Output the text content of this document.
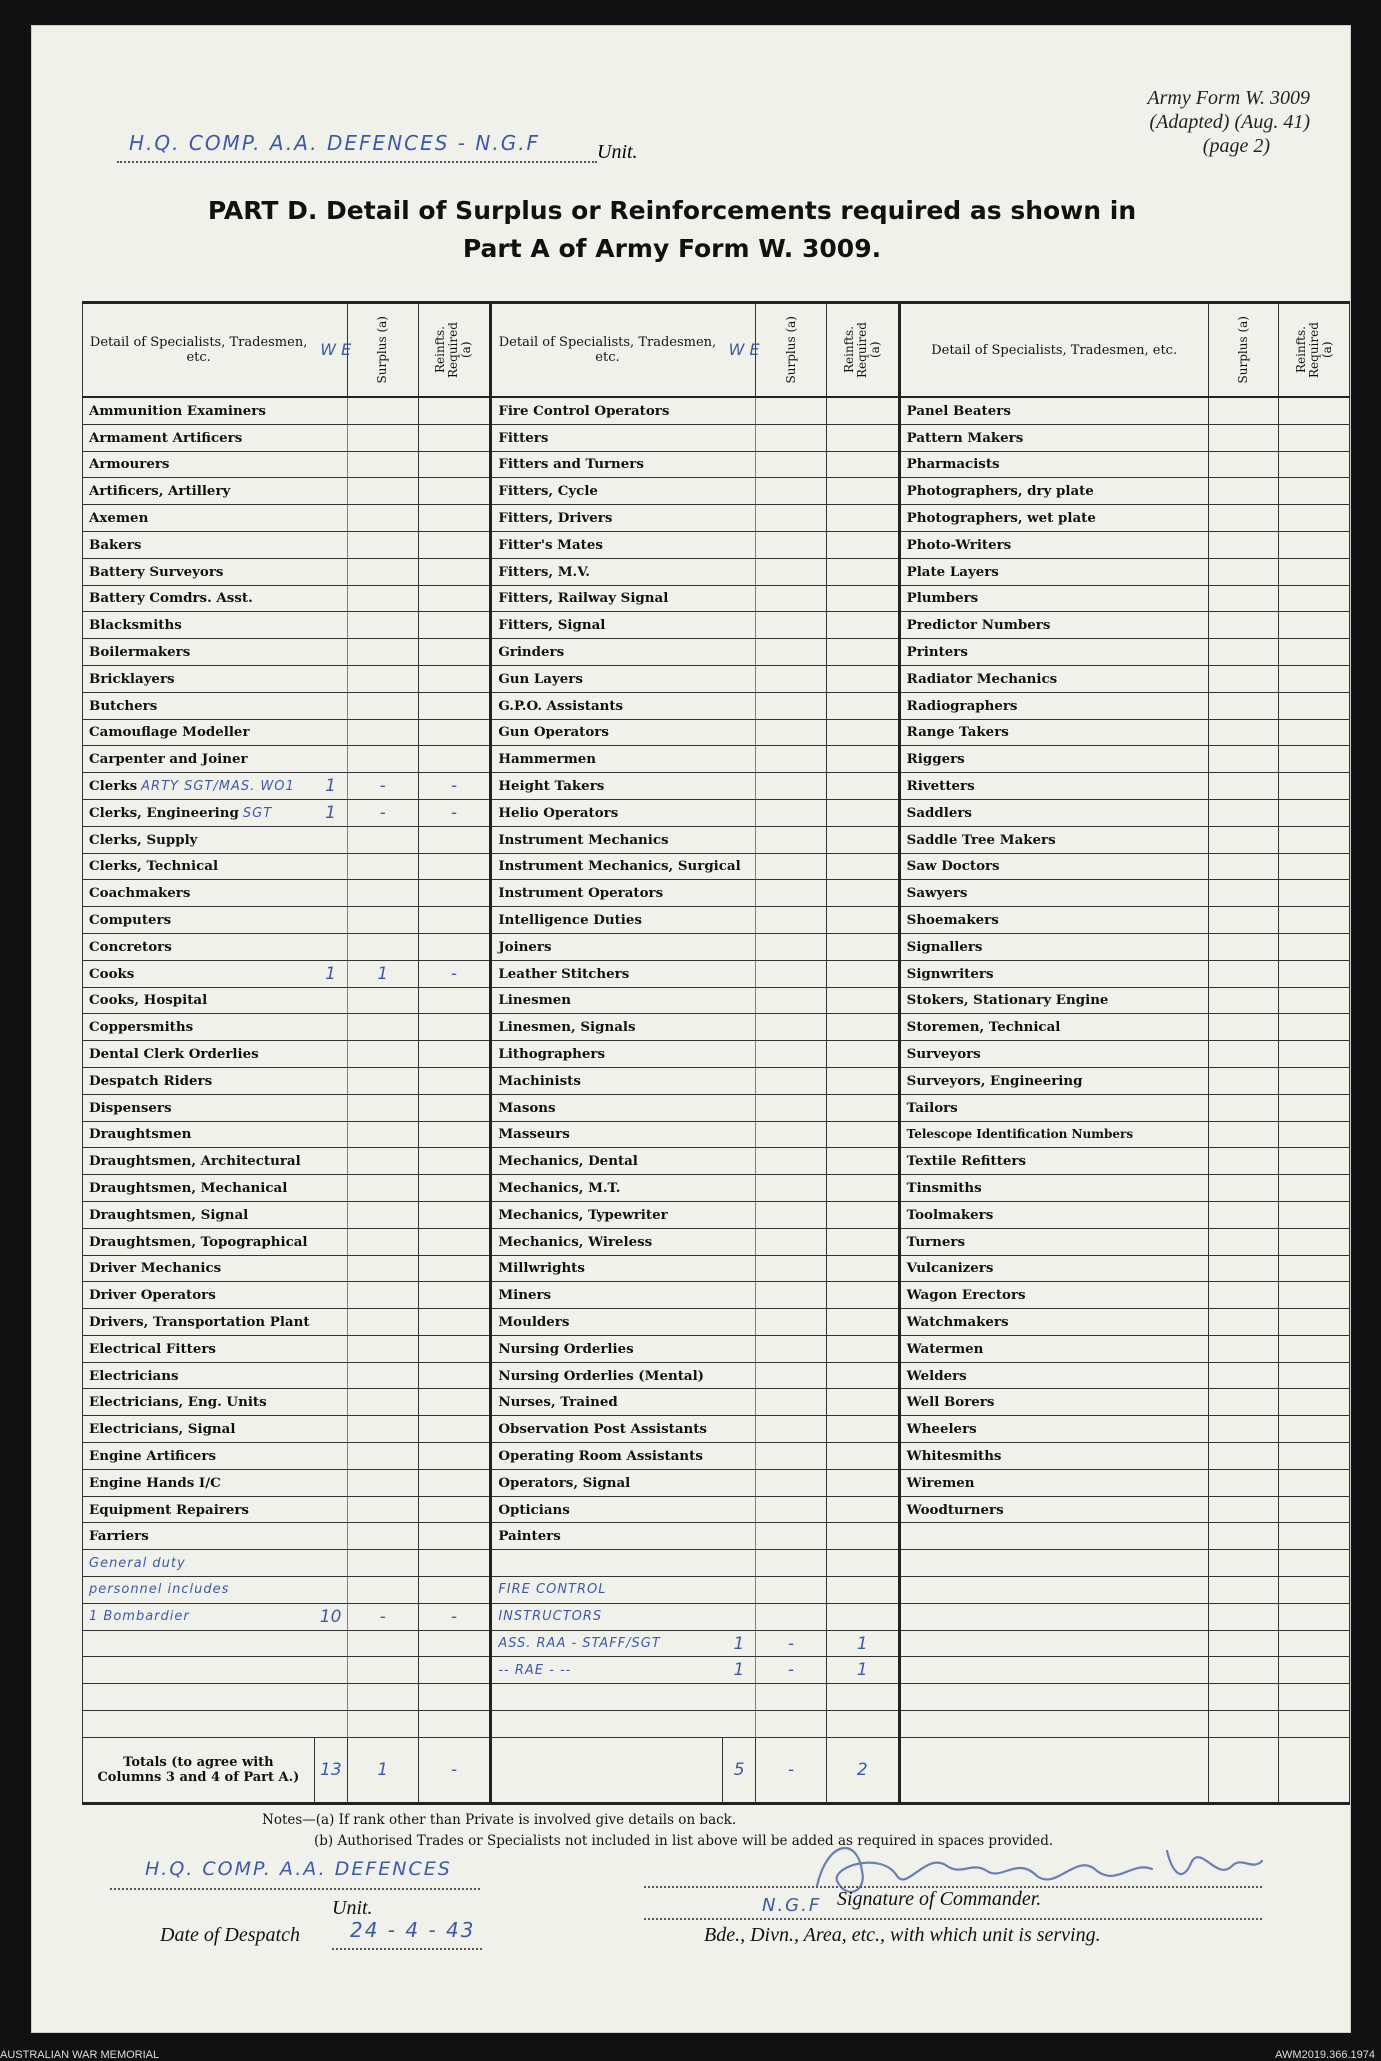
Army Form W. 3009
(Adapted) (Aug. 41)
(page 2)
H.Q. COMP. A.A. DEFENCES - N.G.F	Unit.
PART D. Detail of Surplus or Reinforcements required as shown in
Part A of Army Form W. 3009.
Detail of Specialists, Tradesmen, etc.	W E	Surplus (a)	Reinfts. Required (a)	Detail of Specialists, Tradesmen, etc.	W E	Surplus (a)	Reinfts. Required (a)	Detail of Specialists, Tradesmen, etc.	Surplus (a)	Reinfts. Required (a)

Ammunition Examiners				Fire Control Operators				Panel Beaters		
Armament Artificers				Fitters				Pattern Makers		
Armourers				Fitters and Turners				Pharmacists		
Artificers, Artillery				Fitters, Cycle				Photographers, dry plate		
Axemen				Fitters, Drivers				Photographers, wet plate		
Bakers				Fitter's Mates				Photo-Writers		
Battery Surveyors				Fitters, M.V.				Plate Layers		
Battery Comdrs. Asst.				Fitters, Railway Signal				Plumbers		
Blacksmiths				Fitters, Signal				Predictor Numbers		
Boilermakers				Grinders				Printers		
Bricklayers				Gun Layers				Radiator Mechanics		
Butchers				G.P.O. Assistants				Radiographers		
Camouflage Modeller				Gun Operators				Range Takers		
Carpenter and Joiner				Hammermen				Riggers		
Clerks ARTY SGT/MAS. WO1	1	-	-	Height Takers				Rivetters		
Clerks, Engineering SGT	1	-	-	Helio Operators				Saddlers		
Clerks, Supply				Instrument Mechanics				Saddle Tree Makers		
Clerks, Technical				Instrument Mechanics, Surgical				Saw Doctors		
Coachmakers				Instrument Operators				Sawyers		
Computers				Intelligence Duties				Shoemakers		
Concretors				Joiners				Signallers		
Cooks	1	1	-	Leather Stitchers				Signwriters		
Cooks, Hospital				Linesmen				Stokers, Stationary Engine		
Coppersmiths				Linesmen, Signals				Storemen, Technical		
Dental Clerk Orderlies				Lithographers				Surveyors		
Despatch Riders				Machinists				Surveyors, Engineering		
Dispensers				Masons				Tailors		
Draughtsmen				Masseurs				Telescope Identification Numbers		
Draughtsmen, Architectural				Mechanics, Dental				Textile Refitters		
Draughtsmen, Mechanical				Mechanics, M.T.				Tinsmiths		
Draughtsmen, Signal				Mechanics, Typewriter				Toolmakers		
Draughtsmen, Topographical				Mechanics, Wireless				Turners		
Driver Mechanics				Millwrights				Vulcanizers		
Driver Operators				Miners				Wagon Erectors		
Drivers, Transportation Plant				Moulders				Watchmakers		
Electrical Fitters				Nursing Orderlies				Watermen		
Electricians				Nursing Orderlies (Mental)				Welders		
Electricians, Eng. Units				Nurses, Trained				Well Borers		
Electricians, Signal				Observation Post Assistants				Wheelers		
Engine Artificers				Operating Room Assistants				Whitesmiths		
Engine Hands I/C				Operators, Signal				Wiremen		
Equipment Repairers				Opticians				Woodturners		
Farriers				Painters						
General duty										
personnel includes				FIRE CONTROL						
1 Bombardier	10	-	-	INSTRUCTORS						
				ASS. RAA - STAFF/SGT	1	-	1			
				-- RAE - --	1	-	1			

Totals (to agree with Columns 3 and 4 of Part A.)	13	1	-		5	-	2			
Notes—(a) If rank other than Private is involved give details on back.
(b) Authorised Trades or Specialists not included in list above will be added as required in spaces provided.
H.Q. COMP. A.A. DEFENCES
Unit.	Signature of Commander.
Date of Despatch	24 - 4 - 43
N.G.F
Bde., Divn., Area, etc., with which unit is serving.
AUSTRALIAN WAR MEMORIAL	AWM2019.366.1974
